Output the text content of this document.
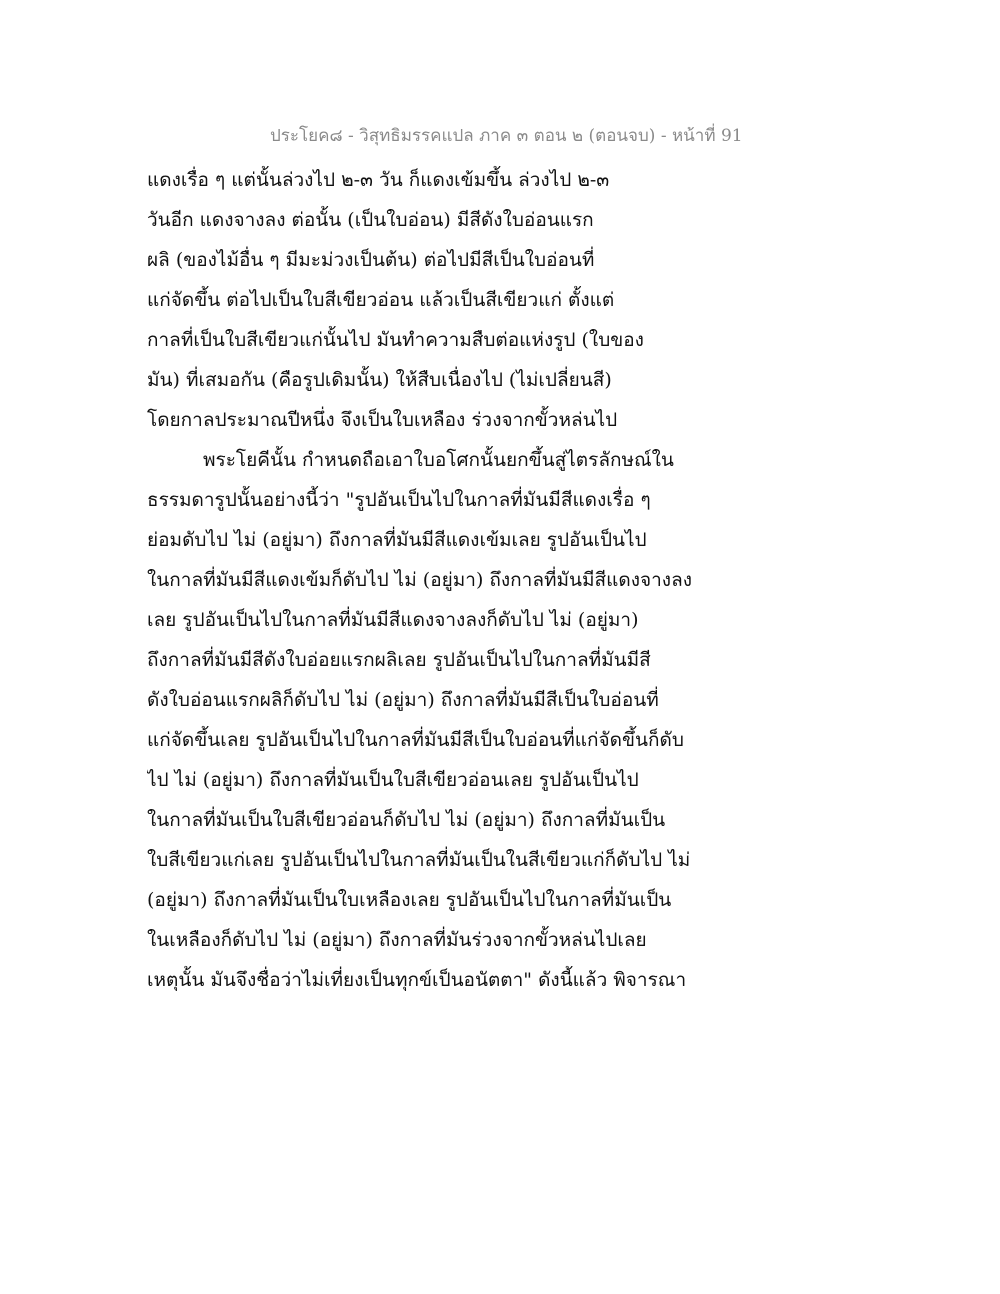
ประโยค๘ - วิสุทธิมรรคแปล ภาค ๓ ตอน ๒ (ตอนจบ) - หน้าที่ 91
แดงเรื่อ ๆ แต่นั้นล่วงไป ๒-๓ วัน ก็แดงเข้มขึ้น ล่วงไป ๒-๓
วันอีก แดงจางลง ต่อนั้น (เป็นใบอ่อน) มีสีดังใบอ่อนแรก
ผลิ (ของไม้อื่น ๆ มีมะม่วงเป็นต้น) ต่อไปมีสีเป็นใบอ่อนที่
แก่จัดขึ้น ต่อไปเป็นใบสีเขียวอ่อน แล้วเป็นสีเขียวแก่ ตั้งแต่
กาลที่เป็นใบสีเขียวแก่นั้นไป มันทำความสืบต่อแห่งรูป (ใบของ
มัน) ที่เสมอกัน (คือรูปเดิมนั้น) ให้สืบเนื่องไป (ไม่เปลี่ยนสี)
โดยกาลประมาณปีหนึ่ง จึงเป็นใบเหลือง ร่วงจากขั้วหล่นไป
พระโยคีนั้น กำหนดถือเอาใบอโศกนั้นยกขึ้นสู่ไตรลักษณ์ใน
ธรรมดารูปนั้นอย่างนี้ว่า "รูปอันเป็นไปในกาลที่มันมีสีแดงเรื่อ ๆ
ย่อมดับไป ไม่ (อยู่มา) ถึงกาลที่มันมีสีแดงเข้มเลย รูปอันเป็นไป
ในกาลที่มันมีสีแดงเข้มก็ดับไป ไม่ (อยู่มา) ถึงกาลที่มันมีสีแดงจางลง
เลย รูปอันเป็นไปในกาลที่มันมีสีแดงจางลงก็ดับไป ไม่ (อยู่มา)
ถึงกาลที่มันมีสีดังใบอ่อยแรกผลิเลย รูปอันเป็นไปในกาลที่มันมีสี
ดังใบอ่อนแรกผลิก็ดับไป ไม่ (อยู่มา) ถึงกาลที่มันมีสีเป็นใบอ่อนที่
แก่จัดขึ้นเลย รูปอันเป็นไปในกาลที่มันมีสีเป็นใบอ่อนที่แก่จัดขึ้นก็ดับ
ไป ไม่ (อยู่มา) ถึงกาลที่มันเป็นใบสีเขียวอ่อนเลย รูปอันเป็นไป
ในกาลที่มันเป็นใบสีเขียวอ่อนก็ดับไป ไม่ (อยู่มา) ถึงกาลที่มันเป็น
ใบสีเขียวแก่เลย รูปอันเป็นไปในกาลที่มันเป็นในสีเขียวแก่ก็ดับไป ไม่
(อยู่มา) ถึงกาลที่มันเป็นใบเหลืองเลย รูปอันเป็นไปในกาลที่มันเป็น
ในเหลืองก็ดับไป ไม่ (อยู่มา) ถึงกาลที่มันร่วงจากขั้วหล่นไปเลย
เหตุนั้น มันจึงชื่อว่าไม่เที่ยงเป็นทุกข์เป็นอนัตตา" ดังนี้แล้ว พิจารณา
